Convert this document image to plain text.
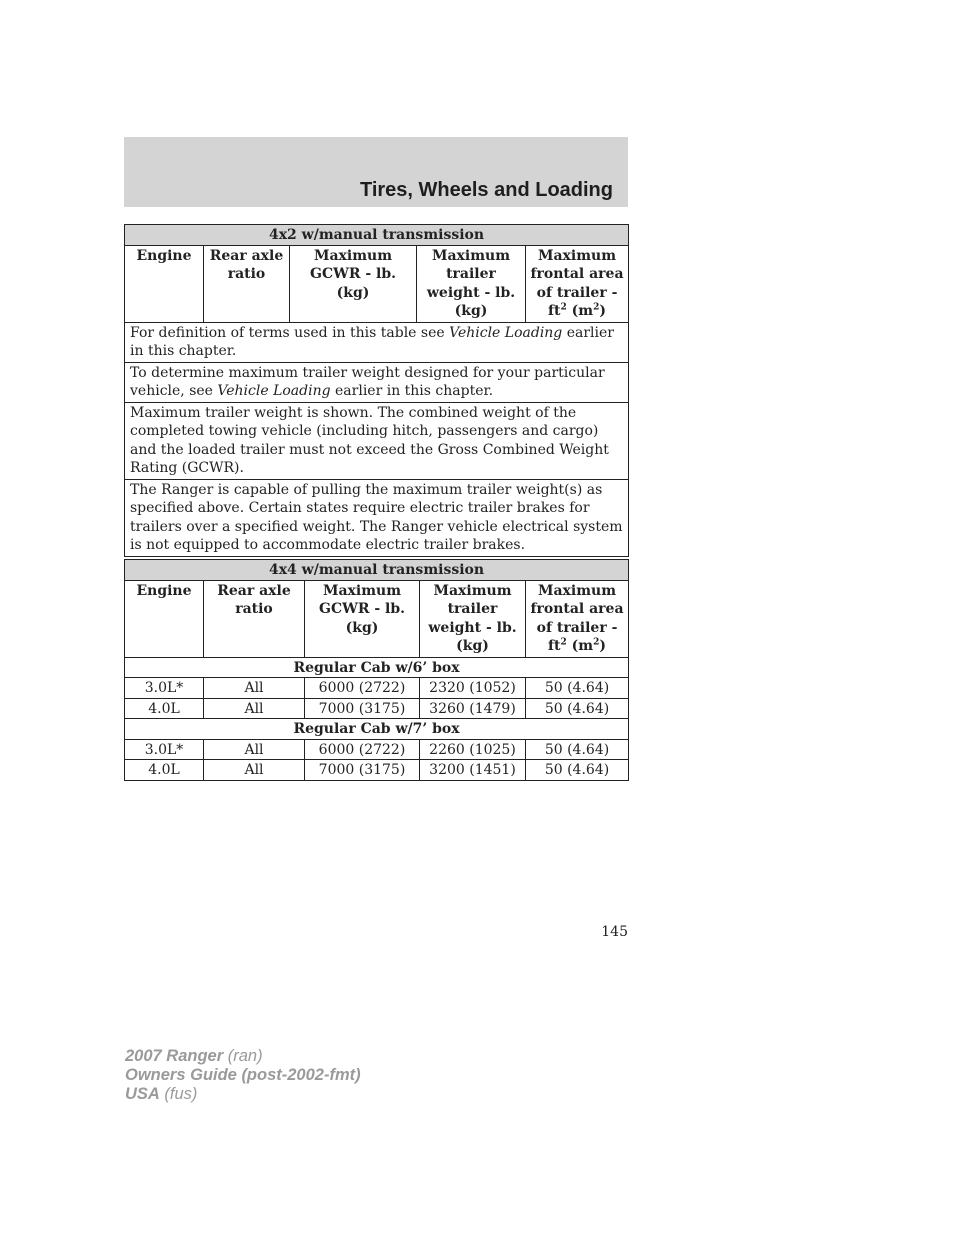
Tires, Wheels and Loading
4x2 w/manual transmission
Engine	Rear axle ratio	Maximum GCWR - lb. (kg)	Maximum trailer weight - lb. (kg)	Maximum frontal area of trailer - $ft^2$ $(m^2)$
For definition of terms used in this table see Vehicle Loading earlier in this chapter.
To determine maximum trailer weight designed for your particular vehicle, see Vehicle Loading earlier in this chapter.
Maximum trailer weight is shown. The combined weight of the completed towing vehicle (including hitch, passengers and cargo) and the loaded trailer must not exceed the Gross Combined Weight Rating (GCWR).
The Ranger is capable of pulling the maximum trailer weight(s) as specified above. Certain states require electric trailer brakes for trailers over a specified weight. The Ranger vehicle electrical system is not equipped to accommodate electric trailer brakes.
4x4 w/manual transmission				
Engine	Rear axle ratio	Maximum GCWR - lb. (kg)	Maximum trailer weight - lb. (kg)	Maximum frontal area of trailer - $ft^2$ $(m^2)$
Regular Cab w/6’ box				
3.0L*	All	6000 (2722)	2320 (1052)	50 (4.64)
4.0L	All	7000 (3175)	3260 (1479)	50 (4.64)
Regular Cab w/7’ box				
3.0L*	All	6000 (2722)	2260 (1025)	50 (4.64)
4.0L	All	7000 (3175)	3200 (1451)	50 (4.64)
145
2007 Ranger (ran)
Owners Guide (post-2002-fmt)
USA (fus)
